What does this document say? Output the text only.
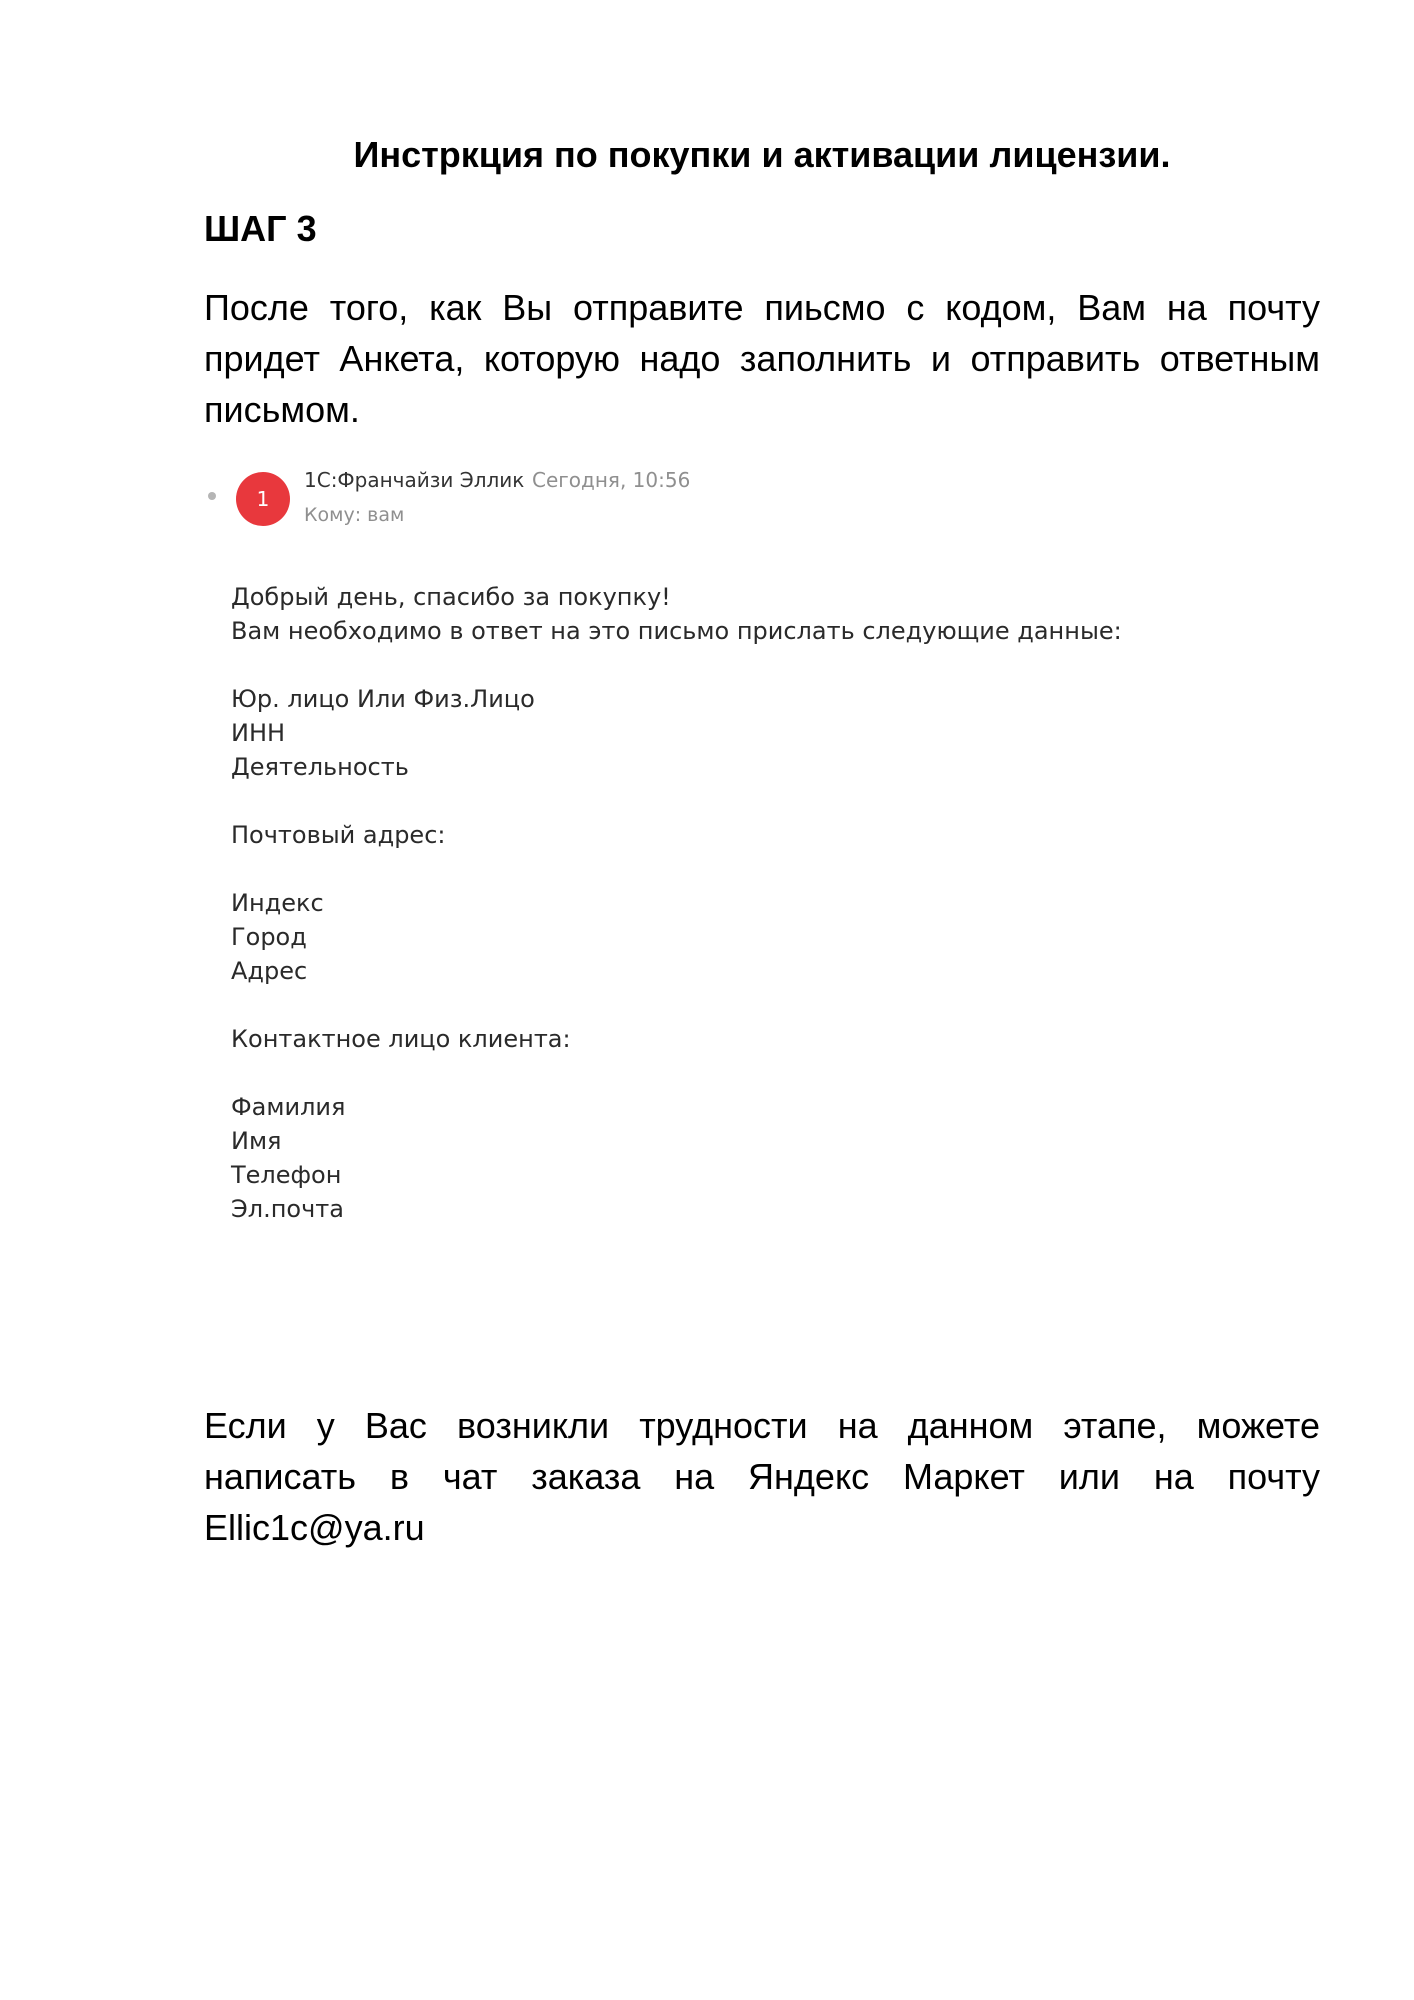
Инстркция по покупки и активации лицензии.
ШАГ 3

После того, как Вы отправите пиьсмо с кодом, Вам на почту придет Анкета, которую надо заполнить и отправить ответным письмом.

1
1С:Франчайзи Эллик Сегодня, 10:56
Кому: вам
Добрый день, спасибо за покупку!
Вам необходимо в ответ на это письмо прислать следующие данные:
Юр. лицо Или Физ.Лицо
ИНН
Деятельность
Почтовый адрес:
Индекс
Город
Адрес
Контактное лицо клиента:
Фамилия
Имя
Телефон
Эл.почта

Если у Вас возникли трудности на данном этапе, можете написать в чат заказа на Яндекс Маркет или на почту Ellic1c@ya.ru
